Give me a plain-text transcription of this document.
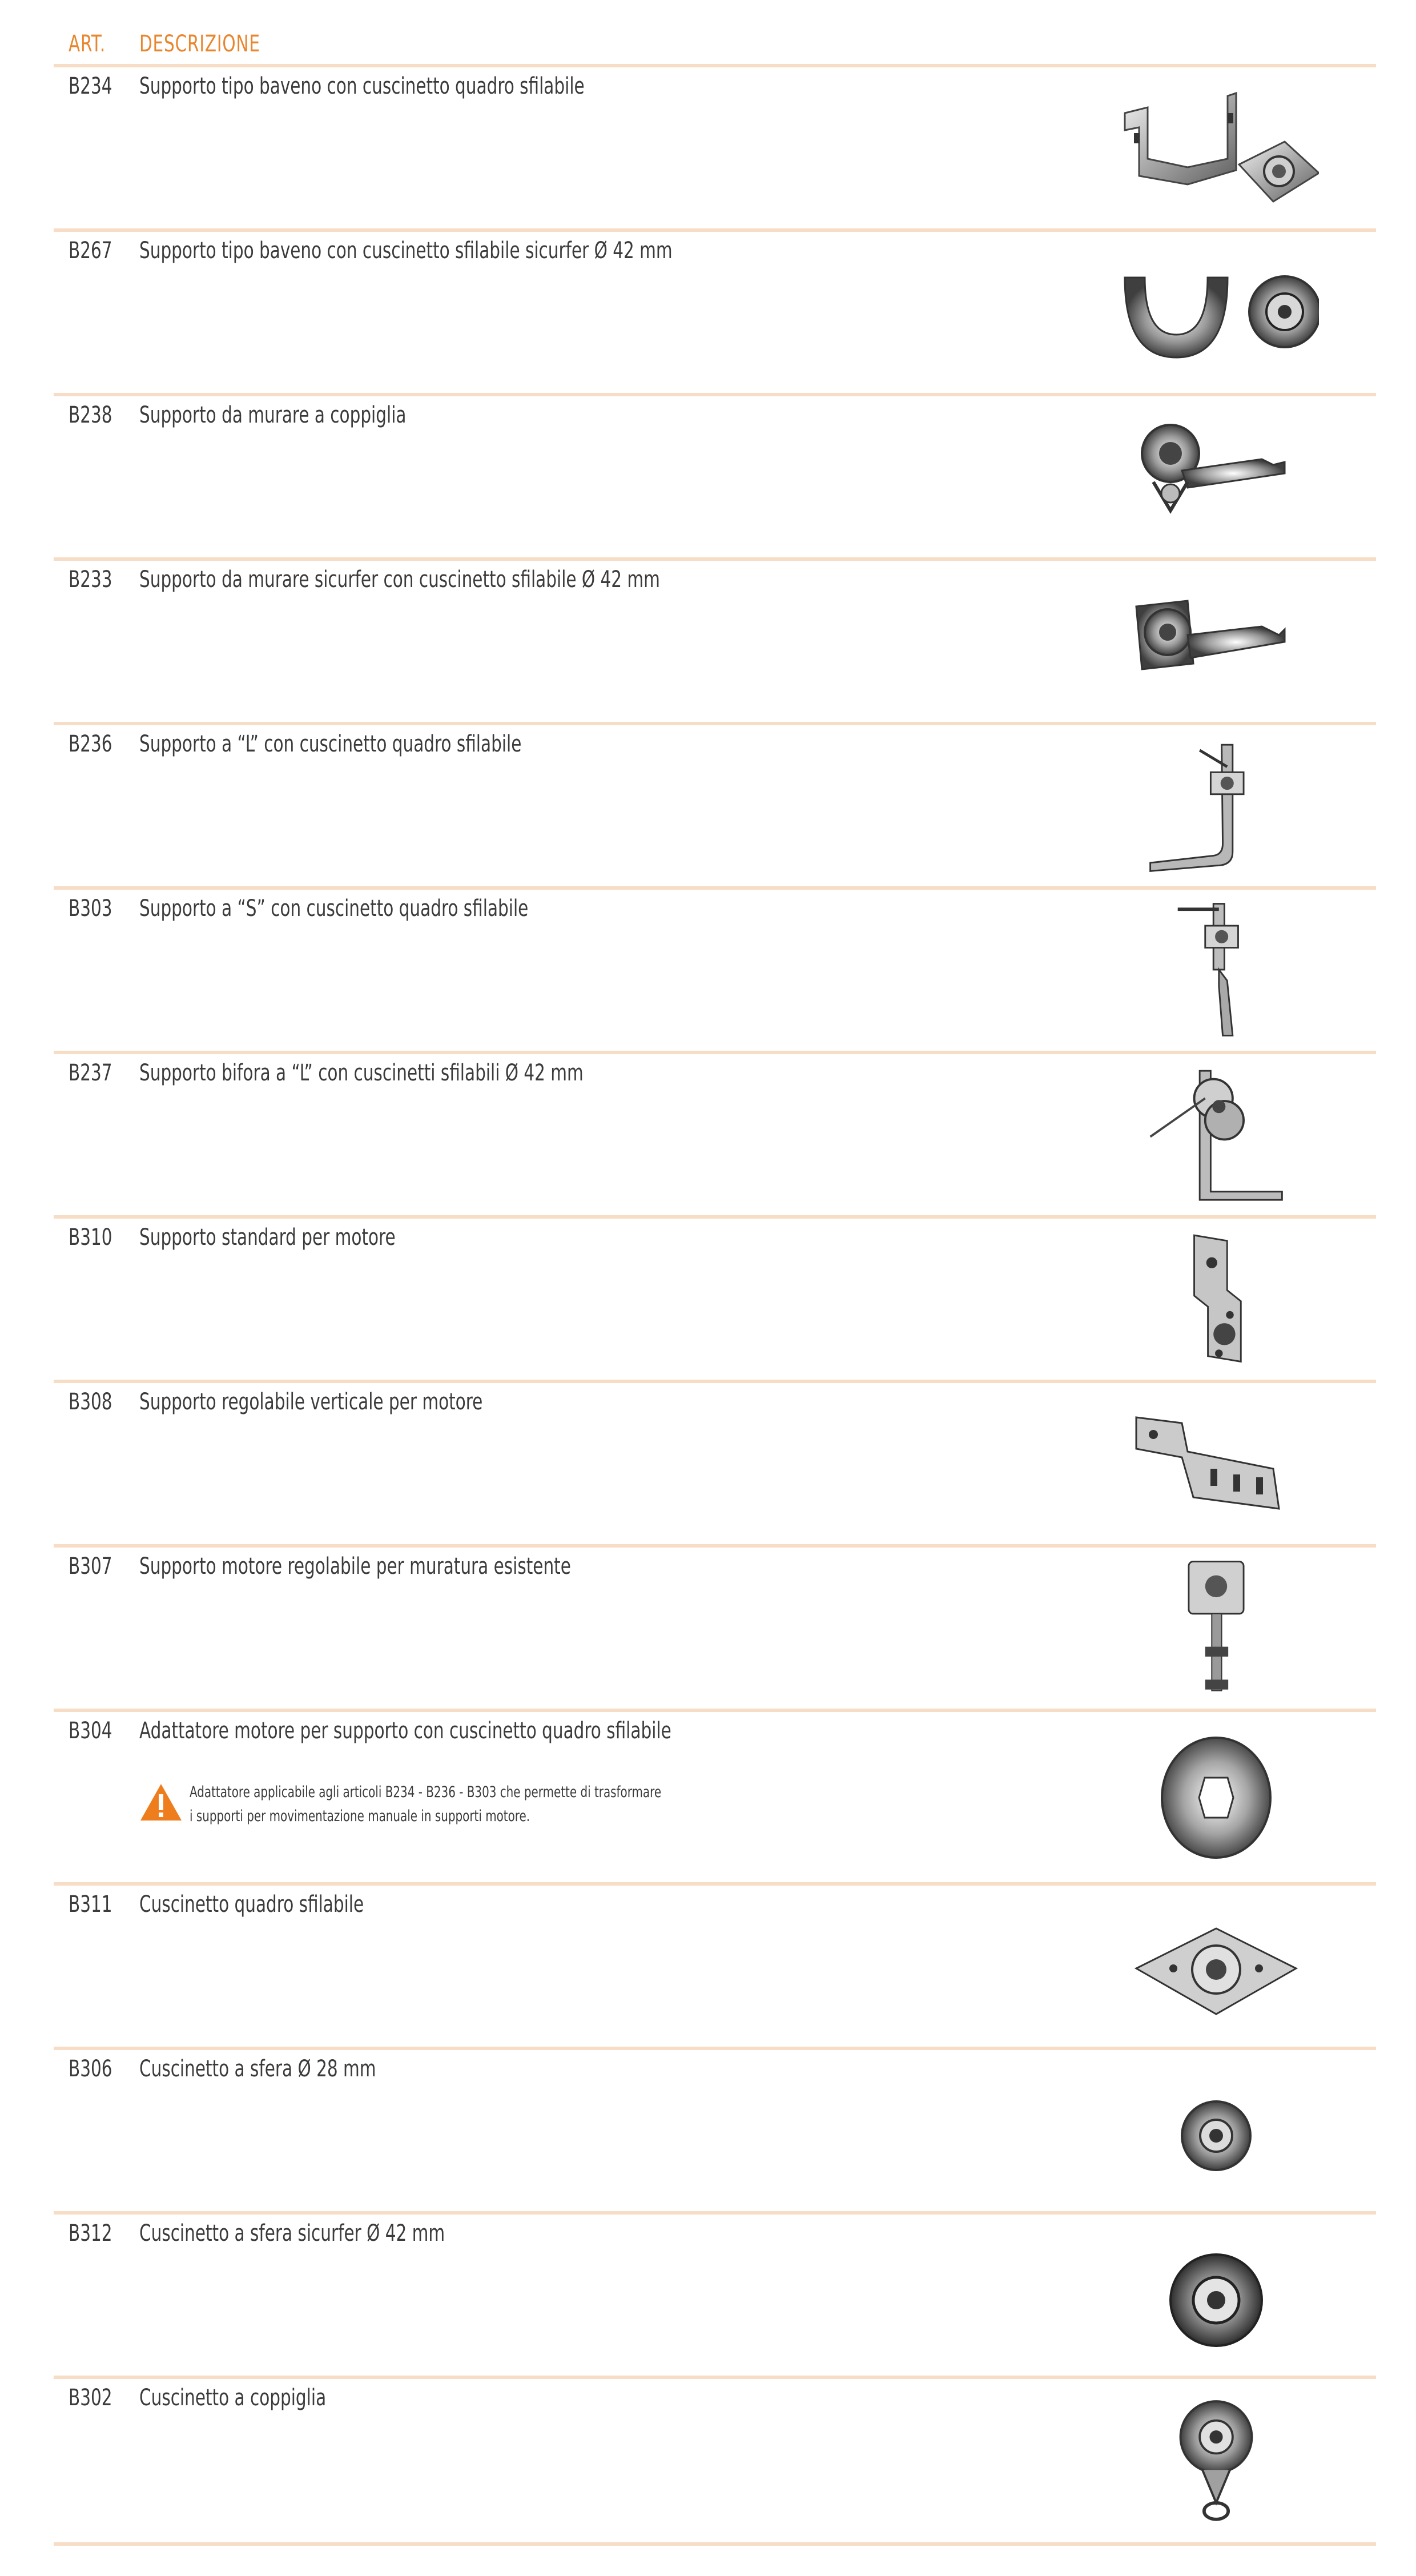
ART. DESCRIZIONE
B234 Supporto tipo baveno con cuscinetto quadro sfilabile
B267 Supporto tipo baveno con cuscinetto sfilabile sicurfer Ø 42 mm
B238 Supporto da murare a coppiglia
B233 Supporto da murare sicurfer con cuscinetto sfilabile Ø 42 mm
B236 Supporto a “L” con cuscinetto quadro sfilabile
B303 Supporto a “S” con cuscinetto quadro sfilabile
B237 Supporto bifora a “L” con cuscinetti sfilabili Ø 42 mm
B310 Supporto standard per motore
B308 Supporto regolabile verticale per motore
B307 Supporto motore regolabile per muratura esistente
B304 Adattatore motore per supporto con cuscinetto quadro sfilabile
Adattatore applicabile agli articoli B234 - B236 - B303 che permette di trasformare
i supporti per movimentazione manuale in supporti motore.
B311 Cuscinetto quadro sfilabile
B306 Cuscinetto a sfera Ø 28 mm
B312 Cuscinetto a sfera sicurfer Ø 42 mm
B302 Cuscinetto a coppiglia
